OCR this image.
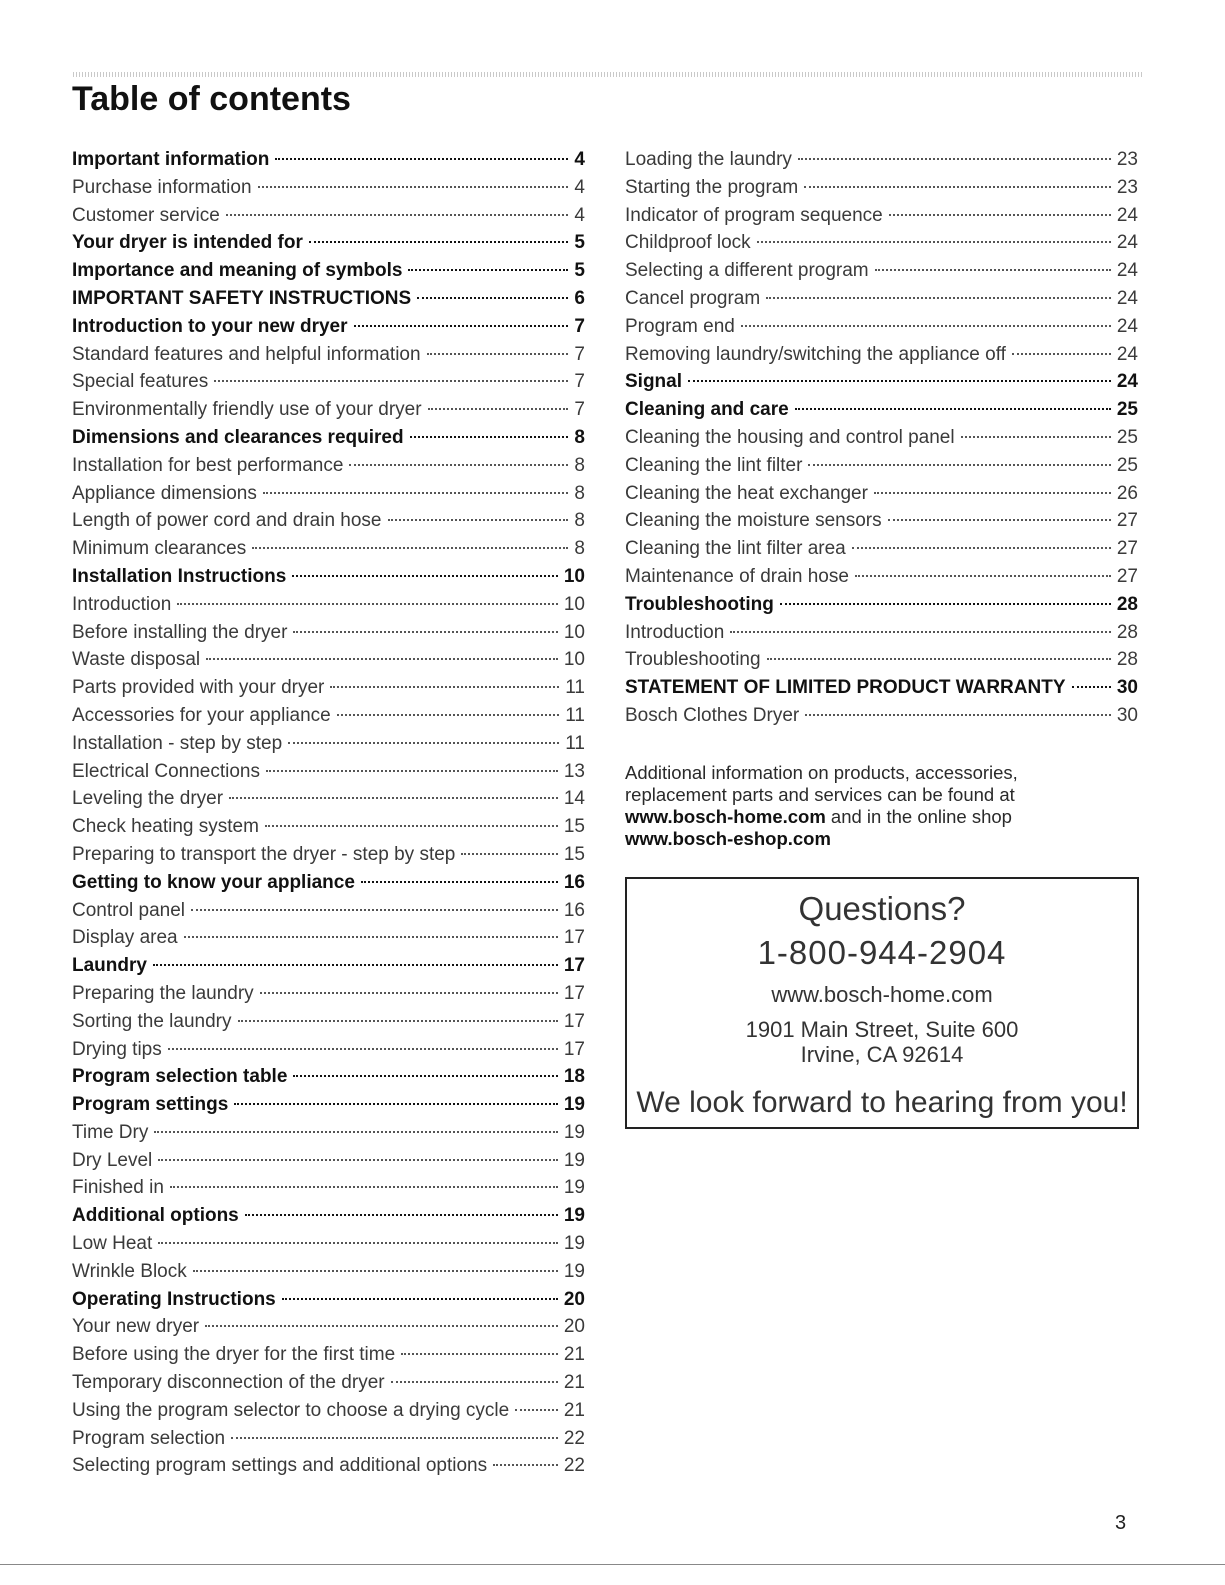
Table of contents
Important information	4
Purchase information	4
Customer service	4
Your dryer is intended for	5
Importance and meaning of symbols	5
IMPORTANT SAFETY INSTRUCTIONS	6
Introduction to your new dryer	7
Standard features and helpful information	7
Special features	7
Environmentally friendly use of your dryer	7
Dimensions and clearances required	8
Installation for best performance	8
Appliance dimensions	8
Length of power cord and drain hose	8
Minimum clearances	8
Installation Instructions	10
Introduction	10
Before installing the dryer	10
Waste disposal	10
Parts provided with your dryer	11
Accessories for your appliance	11
Installation - step by step	11
Electrical Connections	13
Leveling the dryer	14
Check heating system	15
Preparing to transport the dryer - step by step	15
Getting to know your appliance	16
Control panel	16
Display area	17
Laundry	17
Preparing the laundry	17
Sorting the laundry	17
Drying tips	17
Program selection table	18
Program settings	19
Time Dry	19
Dry Level	19
Finished in	19
Additional options	19
Low Heat	19
Wrinkle Block	19
Operating Instructions	20
Your new dryer	20
Before using the dryer for the first time	21
Temporary disconnection of the dryer	21
Using the program selector to choose a drying cycle	21
Program selection	22
Selecting program settings and additional options	22
Loading the laundry	23
Starting the program	23
Indicator of program sequence	24
Childproof lock	24
Selecting a different program	24
Cancel program	24
Program end	24
Removing laundry/switching the appliance off	24
Signal	24
Cleaning and care	25
Cleaning the housing and control panel	25
Cleaning the lint filter	25
Cleaning the heat exchanger	26
Cleaning the moisture sensors	27
Cleaning the lint filter area	27
Maintenance of drain hose	27
Troubleshooting	28
Introduction	28
Troubleshooting	28
STATEMENT OF LIMITED PRODUCT WARRANTY	30
Bosch Clothes Dryer	30

Additional information on products, accessories,
replacement parts and services can be found at
www.bosch-home.com and in the online shop
www.bosch-eshop.com

Questions?
1-800-944-2904
www.bosch-home.com
1901 Main Street, Suite 600
Irvine, CA 92614
We look forward to hearing from you!
3
